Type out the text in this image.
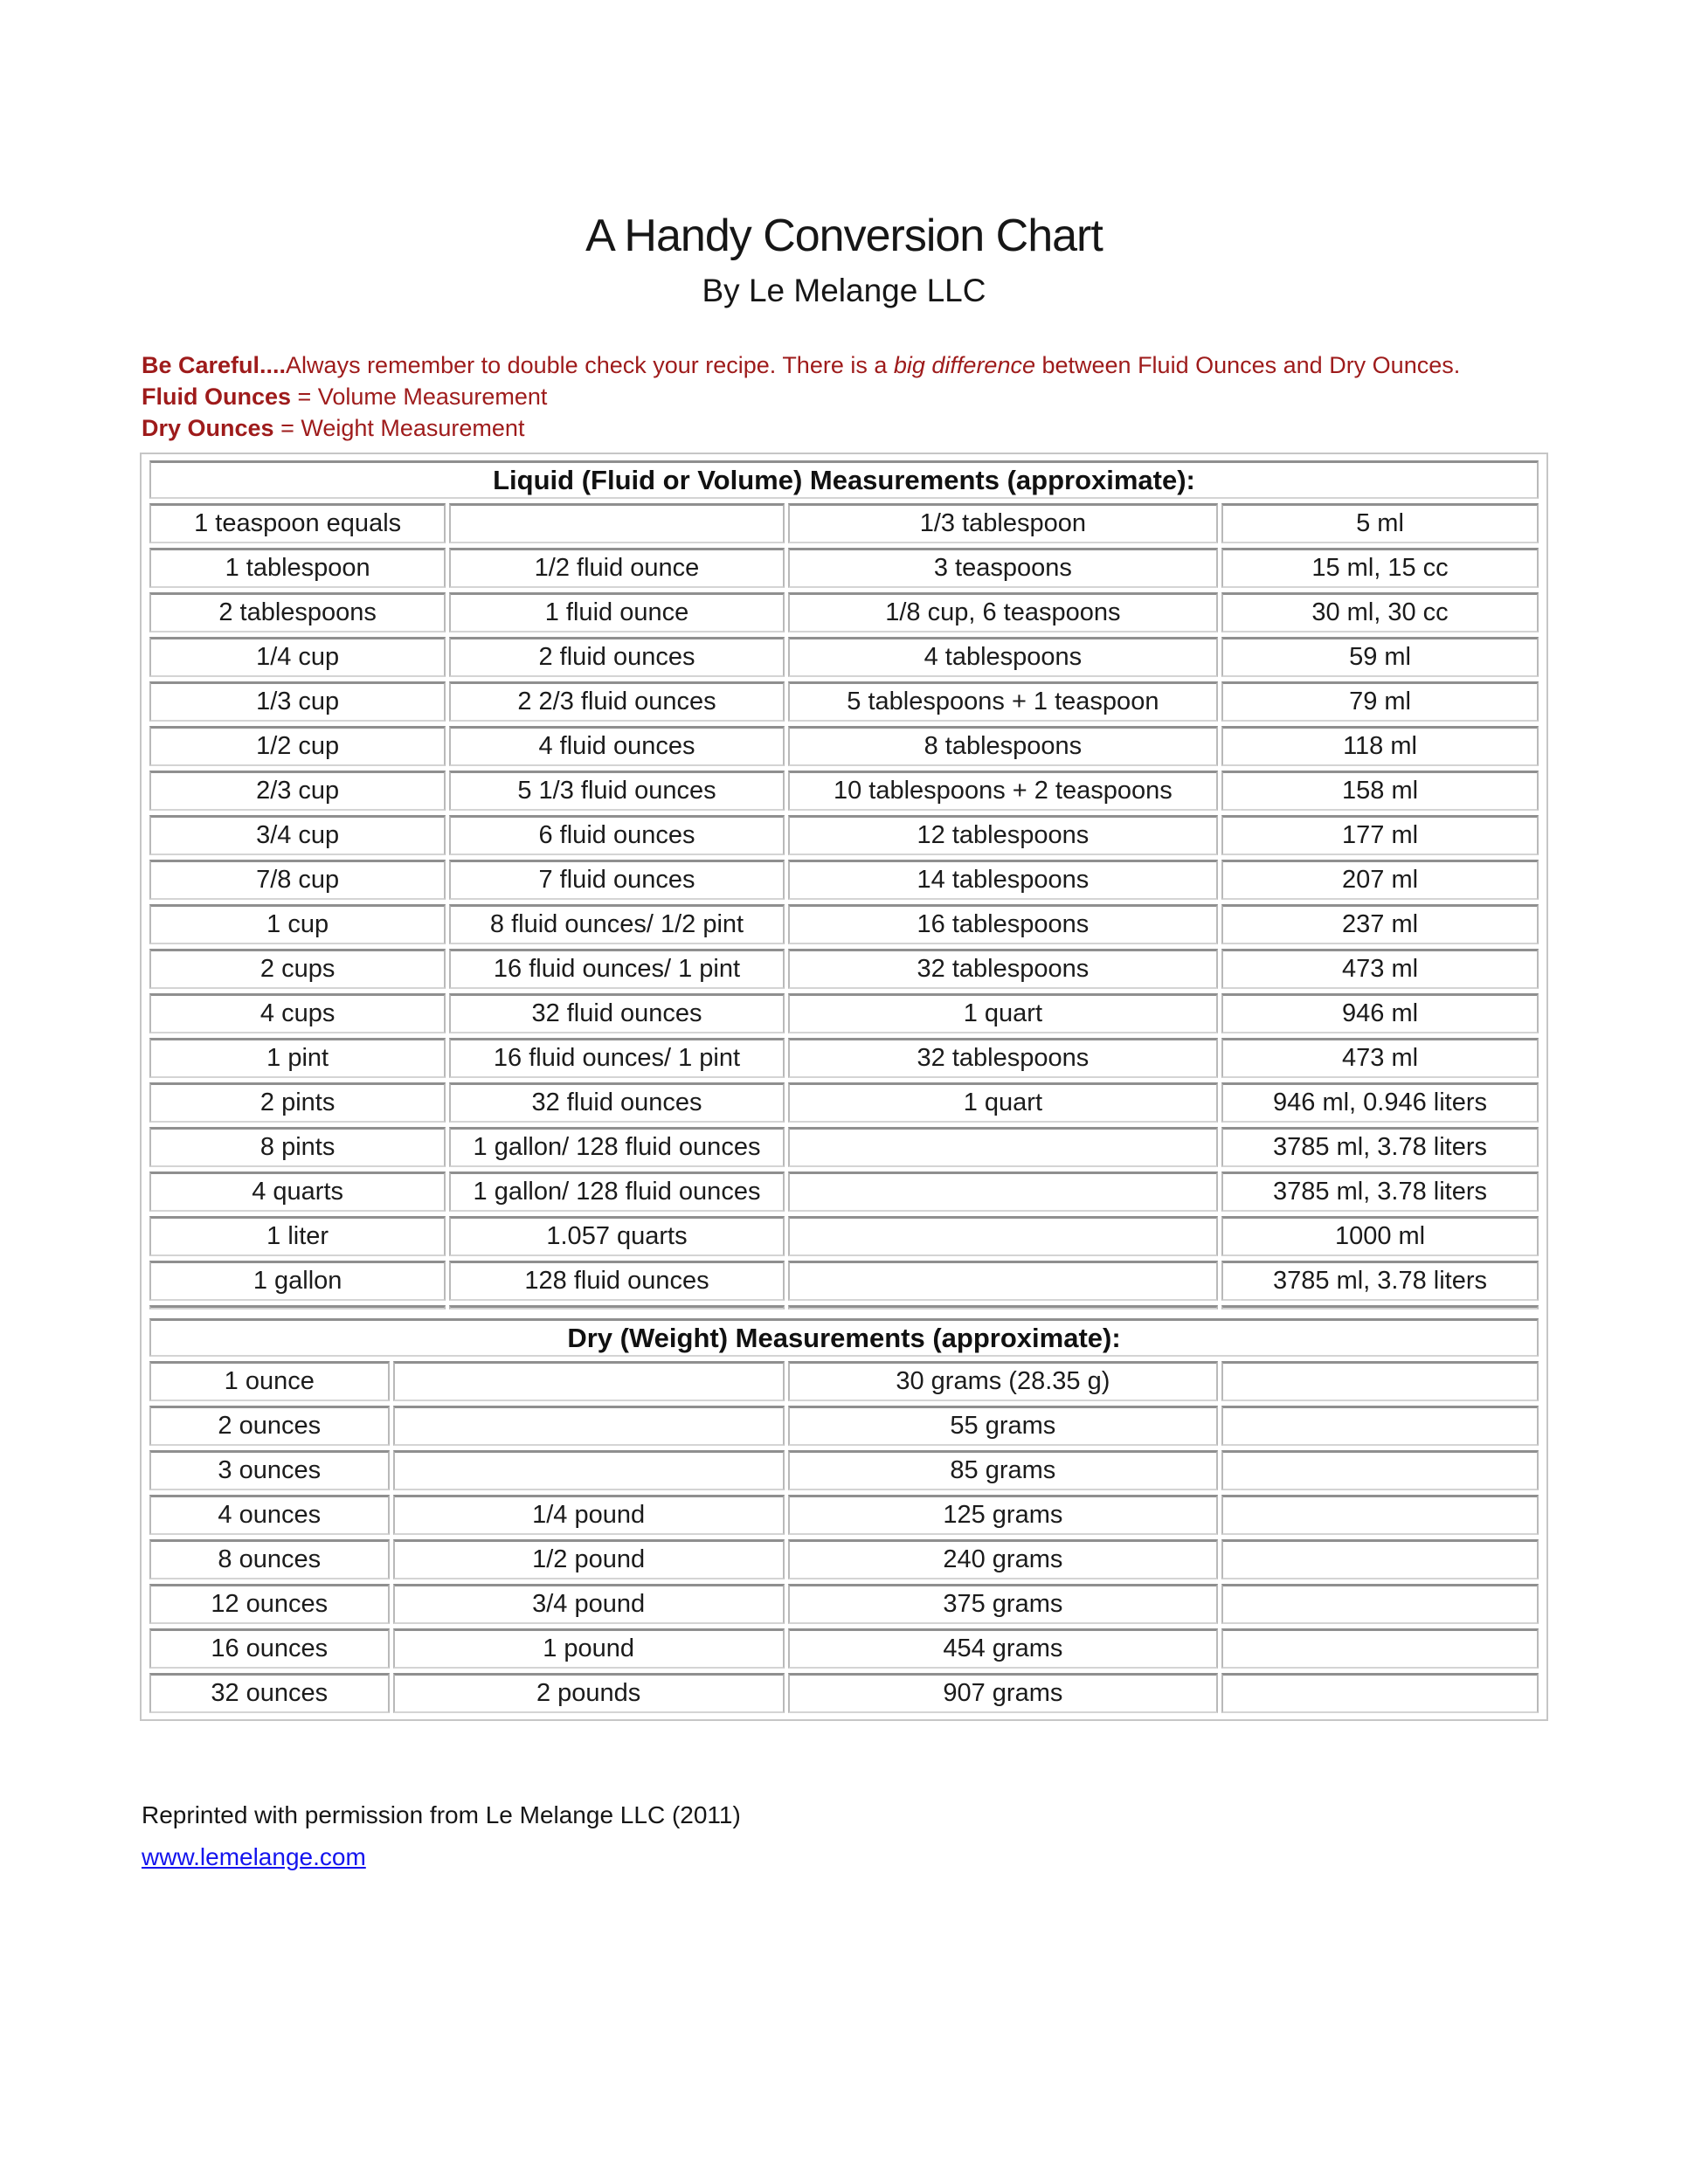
A Handy Conversion Chart
By Le Melange LLC

Be Careful....Always remember to double check your recipe. There is a big difference between Fluid Ounces and Dry Ounces.

Fluid Ounces = Volume Measurement

Dry Ounces = Weight Measurement

Liquid (Fluid or Volume) Measurements (approximate):			
1 teaspoon equals		1/3 tablespoon	5 ml
1 tablespoon	1/2 fluid ounce	3 teaspoons	15 ml, 15 cc
2 tablespoons	1 fluid ounce	1/8 cup, 6 teaspoons	30 ml, 30 cc
1/4 cup	2 fluid ounces	4 tablespoons	59 ml
1/3 cup	2 2/3 fluid ounces	5 tablespoons + 1 teaspoon	79 ml
1/2 cup	4 fluid ounces	8 tablespoons	118 ml
2/3 cup	5 1/3 fluid ounces	10 tablespoons + 2 teaspoons	158 ml
3/4 cup	6 fluid ounces	12 tablespoons	177 ml
7/8 cup	7 fluid ounces	14 tablespoons	207 ml
1 cup	8 fluid ounces/ 1/2 pint	16 tablespoons	237 ml
2 cups	16 fluid ounces/ 1 pint	32 tablespoons	473 ml
4 cups	32 fluid ounces	1 quart	946 ml
1 pint	16 fluid ounces/ 1 pint	32 tablespoons	473 ml
2 pints	32 fluid ounces	1 quart	946 ml, 0.946 liters
8 pints	1 gallon/ 128 fluid ounces		3785 ml, 3.78 liters
4 quarts	1 gallon/ 128 fluid ounces		3785 ml, 3.78 liters
1 liter	1.057 quarts		1000 ml
1 gallon	128 fluid ounces		3785 ml, 3.78 liters

Dry (Weight) Measurements (approximate):			
1 ounce		30 grams (28.35 g)	
2 ounces		55 grams	
3 ounces		85 grams	
4 ounces	1/4 pound	125 grams	
8 ounces	1/2 pound	240 grams	
12 ounces	3/4 pound	375 grams	
16 ounces	1 pound	454 grams	
32 ounces	2 pounds	907 grams	

Reprinted with permission from Le Melange LLC (2011)

www.lemelange.com
